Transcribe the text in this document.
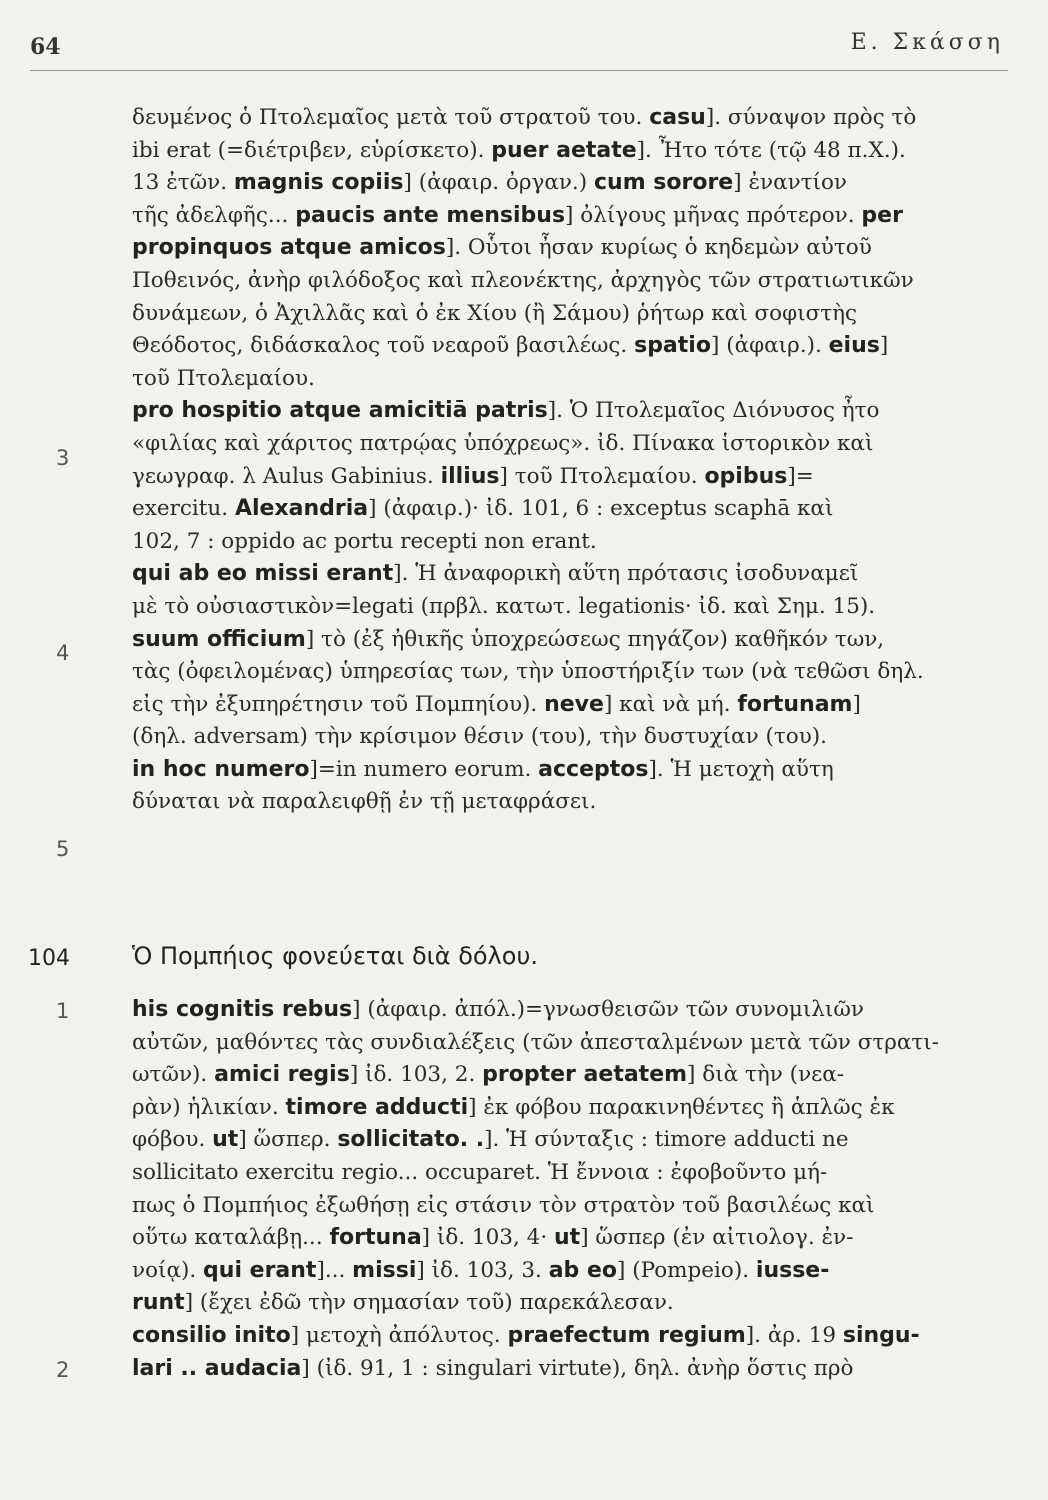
64	Ε. Σκάσση
δευμένος ὁ Πτολεμαῖος μετὰ τοῦ στρατοῦ του. casu]. σύναψον πρὸς τὸ
ibi erat (=διέτριβεν, εὑρίσκετο). puer aetate]. Ἦτο τότε (τῷ 48 π.Χ.).
13 ἐτῶν. magnis copiis] (ἀφαιρ. ὀργαν.) cum sorore] ἐναντίον
τῆς ἀδελφῆς... paucis ante mensibus] ὀλίγους μῆνας πρότερον. per
propinquos atque amicos]. Οὗτοι ἦσαν κυρίως ὁ κηδεμὼν αὐτοῦ
Ποθεινός, ἀνὴρ φιλόδοξος καὶ πλεονέκτης, ἀρχηγὸς τῶν στρατιωτικῶν
δυνάμεων, ὁ Ἀχιλλᾶς καὶ ὁ ἐκ Χίου (ἢ Σάμου) ῥήτωρ καὶ σοφιστὴς
Θεόδοτος, διδάσκαλος τοῦ νεαροῦ βασιλέως. spatio] (ἀφαιρ.). eius]
τοῦ Πτολεμαίου.
pro hospitio atque amicitiā patris]. Ὁ Πτολεμαῖος Διόνυσος ἦτο
«φιλίας καὶ χάριτος πατρῴας ὑπόχρεως». ἰδ. Πίνακα ἱστορικὸν καὶ
γεωγραφ. λ Aulus Gabinius. illius] τοῦ Πτολεμαίου. opibus]=
exercitu. Alexandria] (ἀφαιρ.)· ἰδ. 101, 6 : exceptus scaphā καὶ
102, 7 : oppido ac portu recepti non erant.
qui ab eo missi erant]. Ἡ ἀναφορικὴ αὕτη πρότασις ἰσοδυναμεῖ
μὲ τὸ οὐσιαστικὸν=legati (πρβλ. κατωτ. legationis· ἰδ. καὶ Σημ. 15).
suum officium] τὸ (ἐξ ἠθικῆς ὑποχρεώσεως πηγάζον) καθῆκόν των,
τὰς (ὀφειλομένας) ὑπηρεσίας των, τὴν ὑποστήριξίν των (νὰ τεθῶσι δηλ.
εἰς τὴν ἐξυπηρέτησιν τοῦ Πομπηίου). neve] καὶ νὰ μή. fortunam]
(δηλ. adversam) τὴν κρίσιμον θέσιν (του), τὴν δυστυχίαν (του).
in hoc numero]=in numero eorum. acceptos]. Ἡ μετοχὴ αὕτη
δύναται νὰ παραλειφθῇ ἐν τῇ μεταφράσει.
3
4
5
104	Ὁ Πομπήιος φονεύεται διὰ δόλου.
his cognitis rebus] (ἀφαιρ. ἀπόλ.)=γνωσθεισῶν τῶν συνομιλιῶν
αὐτῶν, μαθόντες τὰς συνδιαλέξεις (τῶν ἀπεσταλμένων μετὰ τῶν στρατι-
ωτῶν). amici regis] ἰδ. 103, 2. propter aetatem] διὰ τὴν (νεα-
ρὰν) ἡλικίαν. timore adducti] ἐκ φόβου παρακινηθέντες ἢ ἁπλῶς ἐκ
φόβου. ut] ὥσπερ. sollicitato. .]. Ἡ σύνταξις : timore adducti ne
sollicitato exercitu regio... occuparet. Ἡ ἔννοια : ἐφοβοῦντο μή-
πως ὁ Πομπήιος ἐξωθήσῃ εἰς στάσιν τὸν στρατὸν τοῦ βασιλέως καὶ
οὕτω καταλάβῃ... fortuna] ἰδ. 103, 4· ut] ὥσπερ (ἐν αἰτιολογ. ἐν-
νοίᾳ). qui erant]... missi] ἰδ. 103, 3. ab eo] (Pompeio). iusse-
runt] (ἔχει ἐδῶ τὴν σημασίαν τοῦ) παρεκάλεσαν.
consilio inito] μετοχὴ ἀπόλυτος. praefectum regium]. ἀρ. 19 singu-
lari .. audacia] (ἰδ. 91, 1 : singulari virtute), δηλ. ἀνὴρ ὅστις πρὸ
1
2
